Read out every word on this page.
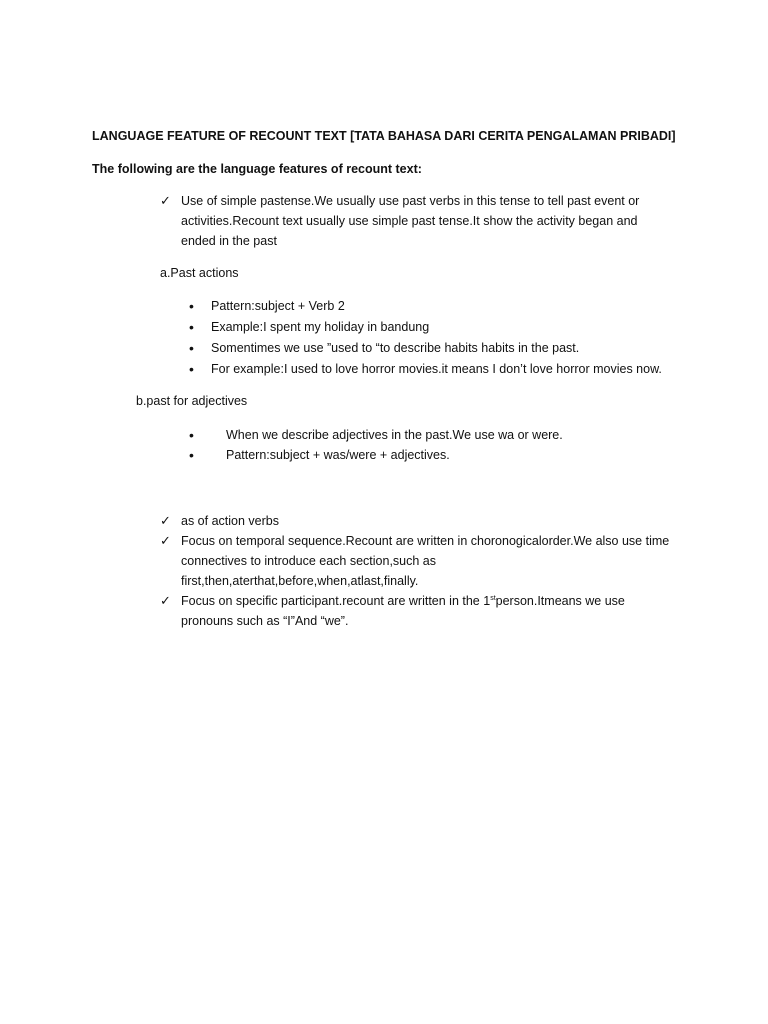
LANGUAGE FEATURE OF RECOUNT TEXT [TATA BAHASA DARI CERITA PENGALAMAN PRIBADI]
The following are the language features of recount text:
✓ Use of simple pastense.We usually use past verbs in this tense to tell past event or
activities.Recount text usually use simple past tense.It show the activity began and
ended in the past
a.Past actions
• Pattern:subject + Verb 2
• Example:I spent my holiday in bandung
• Somentimes we use ”used to “to describe habits habits in the past.
• For example:I used to love horror movies.it means I don’t love horror movies now.
b.past for adjectives
•	When we describe adjectives in the past.We use wa or were.
•	Pattern:subject + was/were + adjectives.
✓ as of action verbs
✓ Focus on temporal sequence.Recount are written in choronogicalorder.We also use time
connectives to introduce each section,such as
first,then,aterthat,before,when,atlast,finally.
✓ Focus on specific participant.recount are written in the 1stperson.Itmeans we use
pronouns such as “I”And “we”.
